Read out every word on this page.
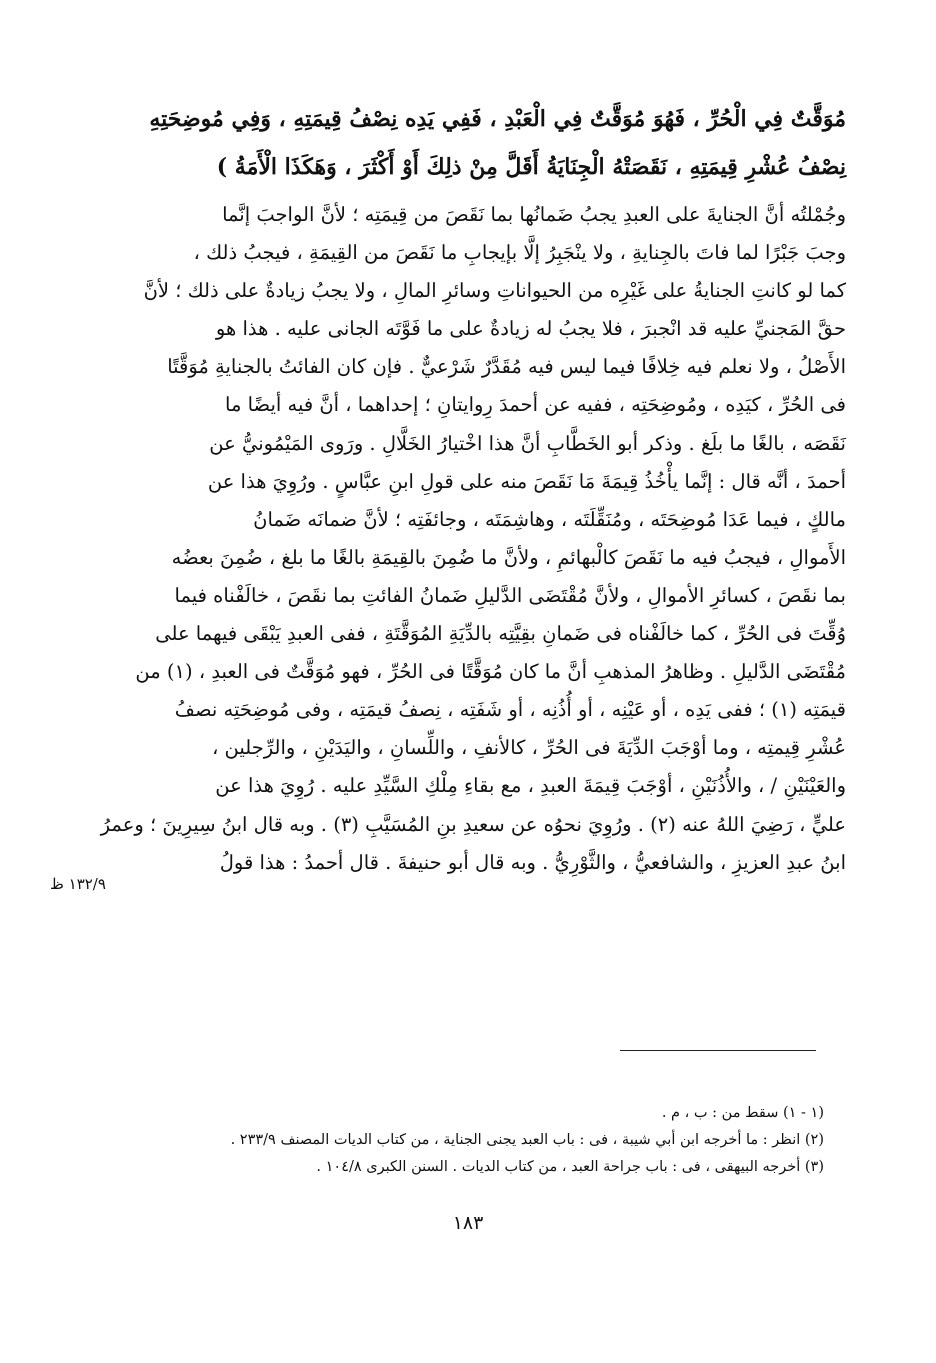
مُوَقَّتٌ فِي الْحُرِّ ، فَهُوَ مُوَقَّتٌ فِي الْعَبْدِ ، فَفِي يَدِه نِصْفُ قِيمَتِهِ ، وَفِي مُوضِحَتِهِ
نِصْفُ عُشْرِ قِيمَتِهِ ، نَقَصَتْهُ الْجِنَايَةُ أَقَلَّ مِنْ ذلِكَ أَوْ أَكْثَرَ ، وَهَكَذَا الْأَمَةُ )
وجُمْلتُه أنَّ الجنايةَ على العبدِ يجبُ ضَمانُها بما نَقَصَ من قِيمَتِه ؛ لأنَّ الواجبَ إنَّما
وجبَ جَبْرًا لما فاتَ بالجِنايةِ ، ولا ينْجَبِرُ إلَّا بإيجابِ ما نَقَصَ من القِيمَةِ ، فيجبُ ذلك ،
كما لو كانتِ الجنايةُ على غَيْرِه من الحيواناتِ وسائرِ المالِ ، ولا يجبُ زيادةٌ على ذلك ؛ لأنَّ
حقَّ المَجنيِّ عليه قد انْجبرَ ، فلا يجبُ له زيادةٌ على ما فَوَّتَه الجانى عليه . هذا هو
الأَصْلُ ، ولا نعلم فيه خِلافًا فيما ليس فيه مُقَدَّرٌ شَرْعيٌّ . فإن كان الفائتُ بالجنايةِ مُوَقَّتًا
فى الحُرِّ ، كيَدِه ، ومُوضِحَتِه ، ففيه عن أحمدَ رِوايتانِ ؛ إحداهما ، أنَّ فيه أيضًا ما
نَقَصَه ، بالغًا ما بلَغ . وذكر أبو الخَطَّابِ أنَّ هذا اخْتيارُ الخَلَّالِ . ورَوى المَيْمُونيُّ عن
أحمدَ ، أنَّه قال : إنَّما يأْخُذُ قِيمَةَ مَا نَقَصَ منه على قولِ ابنِ عبَّاسٍ . ورُوِيَ هذا عن
مالكٍ ، فيما عَدَا مُوضِحَتَه ، ومُنَقِّلَتَه ، وهاشِمَتَه ، وجائفَتِه ؛ لأنَّ ضمانَه ضَمانُ
الأَموالِ ، فيجبُ فيه ما نَقَصَ كالْبهائمِ ، ولأنَّ ما ضُمِنَ بالقِيمَةِ بالغًا ما بلغ ، ضُمِنَ بعضُه
بما نقَصَ ، كسائرِ الأموالِ ، ولأنَّ مُقْتَضَى الدَّليلِ ضَمانُ الفائتِ بما نقَصَ ، خالَفْناه فيما
وُقِّتَ فى الحُرِّ ، كما خالَفْناه فى ضَمانِ بقِيَّتِه بالدِّيَةِ المُوَقَّتَةِ ، ففى العبدِ يَبْقَى فيهما على
مُقْتَضَى الدَّليلِ . وظاهرُ المذهبِ أنَّ ما كان مُوَقَّتًا فى الحُرِّ ، فهو مُوَقَّتٌ فى العبدِ ، (١) من
قيمَتِه (١) ؛ ففى يَدِه ، أو عَيْنِه ، أو أُذُنِه ، أو شَفَتِه ، نِصفُ قيمَتِه ، وفى مُوضِحَتِه نصفُ
عُشْرِ قِيمتِه ، وما أوْجَبَ الدِّيَةَ فى الحُرِّ ، كالأنفِ ، واللِّسانِ ، واليَدَيْنِ ، والرِّجلين ،
والعَيْنَيْنِ / ، والأُذُنَيْنِ ، أوْجَبَ قِيمَةَ العبدِ ، مع بقاءِ مِلْكِ السَّيِّدِ عليه . رُوِيَ هذا عن
عليٍّ ، رَضِيَ اللهُ عنه (٢) . ورُوِيَ نحوُه عن سعيدِ بنِ المُسَيَّبِ (٣) . وبه قال ابنُ سِيرِينَ ؛ وعمرُ
ابنُ عبدِ العزيزِ ، والشافعيُّ ، والثَّوْرِيُّ . وبه قال أبو حنيفةَ . قال أحمدُ : هذا قولُ
١٣٢/٩ ظ
(١ - ١) سقط من : ب ، م .
(٢) انظر : ما أخرجه ابن أبي شيبة ، فى : باب العبد يجنى الجناية ، من كتاب الديات المصنف ٢٣٣/٩ .
(٣) أخرجه البيهقى ، فى : باب جراحة العبد ، من كتاب الديات . السنن الكبرى ١٠٤/٨ .
١٨٣
